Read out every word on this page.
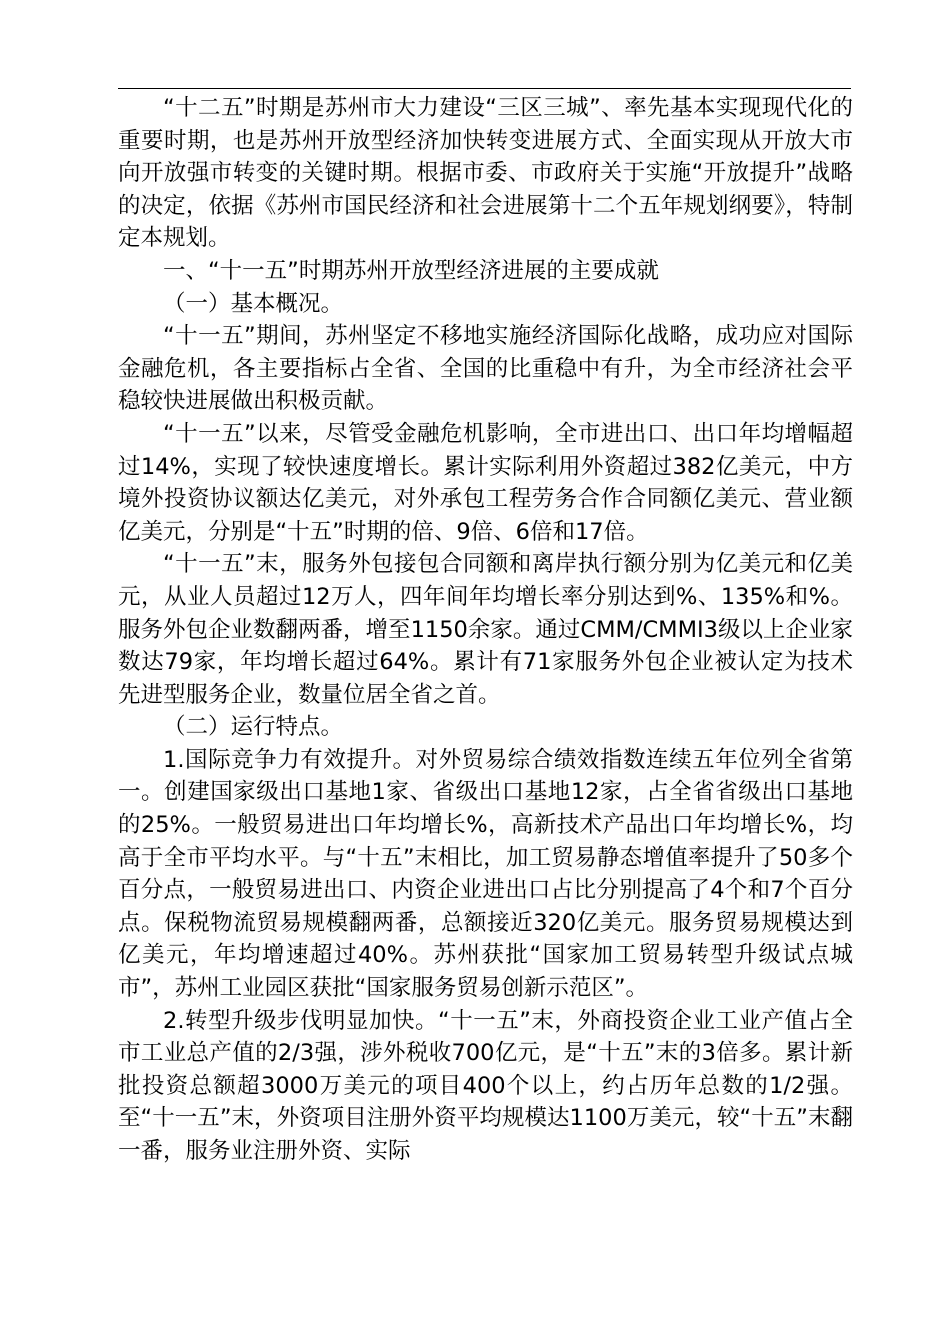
“十二五”时期是苏州市大力建设“三区三城”、率先基本实现现代化的重要时期，也是苏州开放型经济加快转变进展方式、全面实现从开放大市向开放强市转变的关键时期。根据市委、市政府关于实施“开放提升”战略的决定，依据《苏州市国民经济和社会进展第十二个五年规划纲要》，特制定本规划。

一、“十一五”时期苏州开放型经济进展的主要成就

（一）基本概况。

“十一五”期间，苏州坚定不移地实施经济国际化战略，成功应对国际金融危机，各主要指标占全省、全国的比重稳中有升，为全市经济社会平稳较快进展做出积极贡献。

“十一五”以来，尽管受金融危机影响，全市进出口、出口年均增幅超过14%，实现了较快速度增长。累计实际利用外资超过382亿美元，中方境外投资协议额达亿美元，对外承包工程劳务合作合同额亿美元、营业额亿美元，分别是“十五”时期的倍、9倍、6倍和17倍。

“十一五”末，服务外包接包合同额和离岸执行额分别为亿美元和亿美元，从业人员超过12万人，四年间年均增长率分别达到%、135%和%。服务外包企业数翻两番，增至1150余家。通过CMM/CMMI3级以上企业家数达79家，年均增长超过64%。累计有71家服务外包企业被认定为技术先进型服务企业，数量位居全省之首。

（二）运行特点。

1.国际竞争力有效提升。对外贸易综合绩效指数连续五年位列全省第一。创建国家级出口基地1家、省级出口基地12家，占全省省级出口基地的25%。一般贸易进出口年均增长%，高新技术产品出口年均增长%，均高于全市平均水平。与“十五”末相比，加工贸易静态增值率提升了50多个百分点，一般贸易进出口、内资企业进出口占比分别提高了4个和7个百分点。保税物流贸易规模翻两番，总额接近320亿美元。服务贸易规模达到亿美元，年均增速超过40%。苏州获批“国家加工贸易转型升级试点城市”，苏州工业园区获批“国家服务贸易创新示范区”。

2.转型升级步伐明显加快。“十一五”末，外商投资企业工业产值占全市工业总产值的2/3强，涉外税收700亿元，是“十五”末的3倍多。累计新批投资总额超3000万美元的项目400个以上，约占历年总数的1/2强。至“十一五”末，外资项目注册外资平均规模达1100万美元，较“十五”末翻一番，服务业注册外资、实际
